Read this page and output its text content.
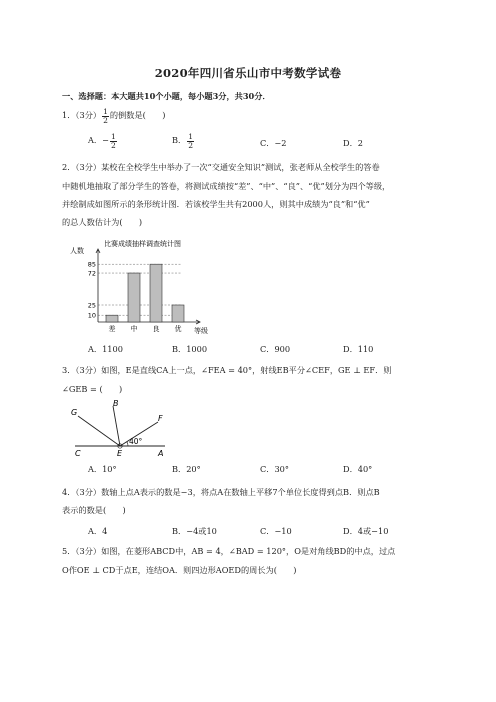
2020年四川省乐山市中考数学试卷
一、选择题：本大题共10个小题，每小题3分，共30分．
1．（3分） $\frac{1}{2}$ 的倒数是(　　)
A．− $\frac{1}{2}$	B． $\frac{1}{2}$	C．−2	D．2
2．（3分）某校在全校学生中举办了一次“交通安全知识”测试，张老师从全校学生的答卷
中随机地抽取了部分学生的答卷，将测试成绩按“差”、“中”、“良”、“优”划分为四个等级，
并绘制成如图所示的条形统计图．若该校学生共有2000人，则其中成绩为“良”和“优”
的总人数估计为(　　)
比赛成绩抽样调查统计图
人数
10
25
72
85
差 中 良 优 等级
A．1100	B．1000	C．900	D．110
3．（3分）如图，E是直线CA上一点，∠FEA = 40°，射线EB平分∠CEF，GE ⊥ EF．则
∠GEB = (　　)
G
B
F
C	E	A
40°
A．10°	B．20°	C．30°	D．40°
4．（3分）数轴上点A表示的数是−3，将点A在数轴上平移7个单位长度得到点B．则点B
表示的数是(　　)
A．4	B．−4或10	C．−10	D．4或−10
5．（3分）如图，在菱形ABCD中，AB = 4，∠BAD = 120°，O是对角线BD的中点，过点
O作OE ⊥ CD于点E，连结OA．则四边形AOED的周长为(　　)
